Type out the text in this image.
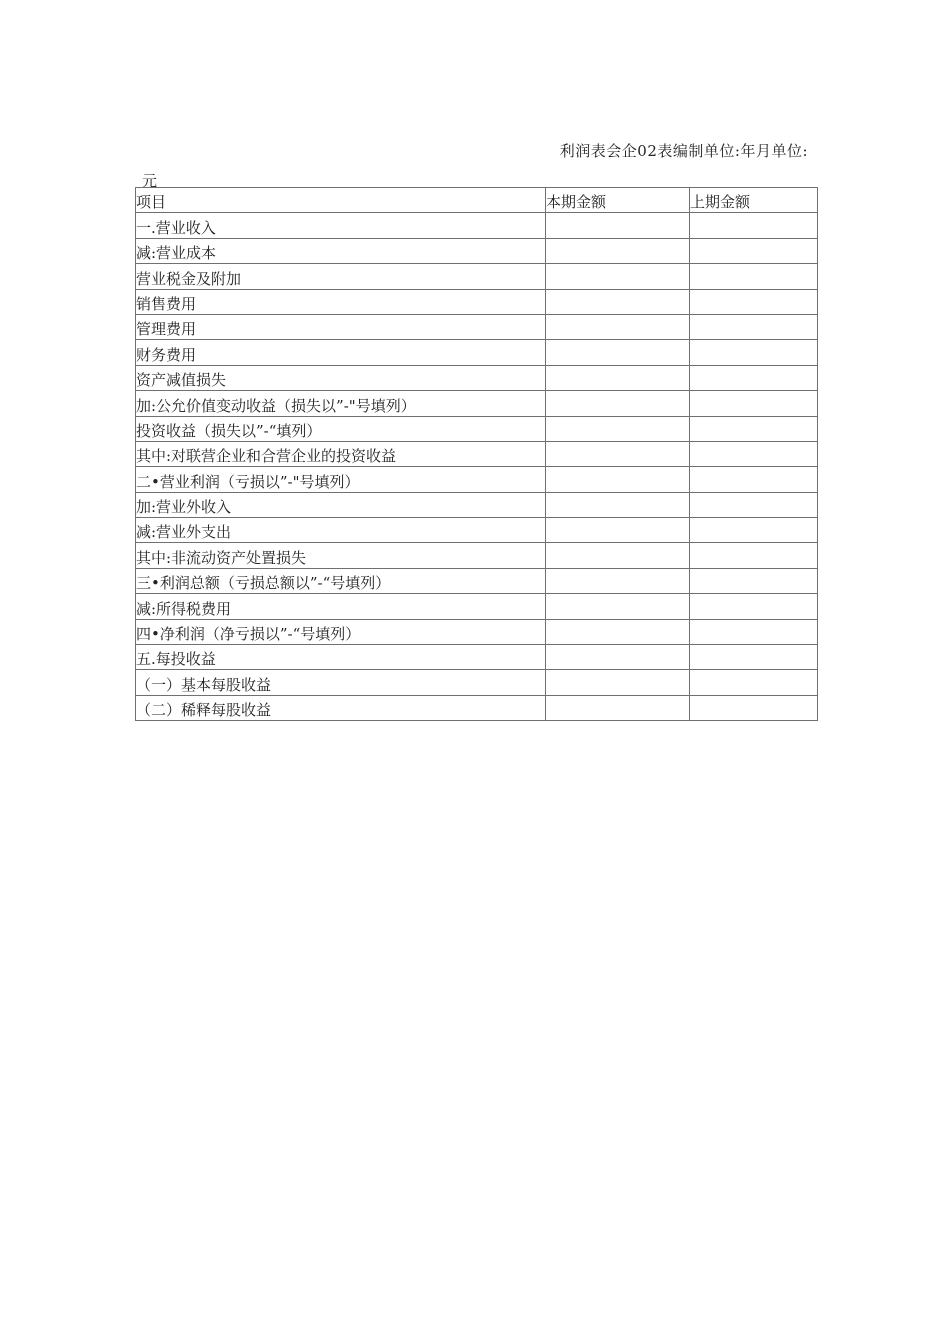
利润表会企02表编制单位:年月单位:
元
项目	本期金额	上期金额
一.营业收入		
减:营业成本		
营业税金及附加		
销售费用		
管理费用		
财务费用		
资产减值损失		
加:公允价值变动收益（损失以”-"号填列）		
投资收益（损失以”-“填列）		
其中:对联营企业和合营企业的投资收益		
二•营业利润（亏损以”-"号填列）		
加:营业外收入		
减:营业外支出		
其中:非流动资产处置损失		
三•利润总额（亏损总额以”-“号填列）		
减:所得税费用		
四•净利润（净亏损以”-“号填列）		
五.每投收益		
（一）基本每股收益		
（二）稀释每股收益		
